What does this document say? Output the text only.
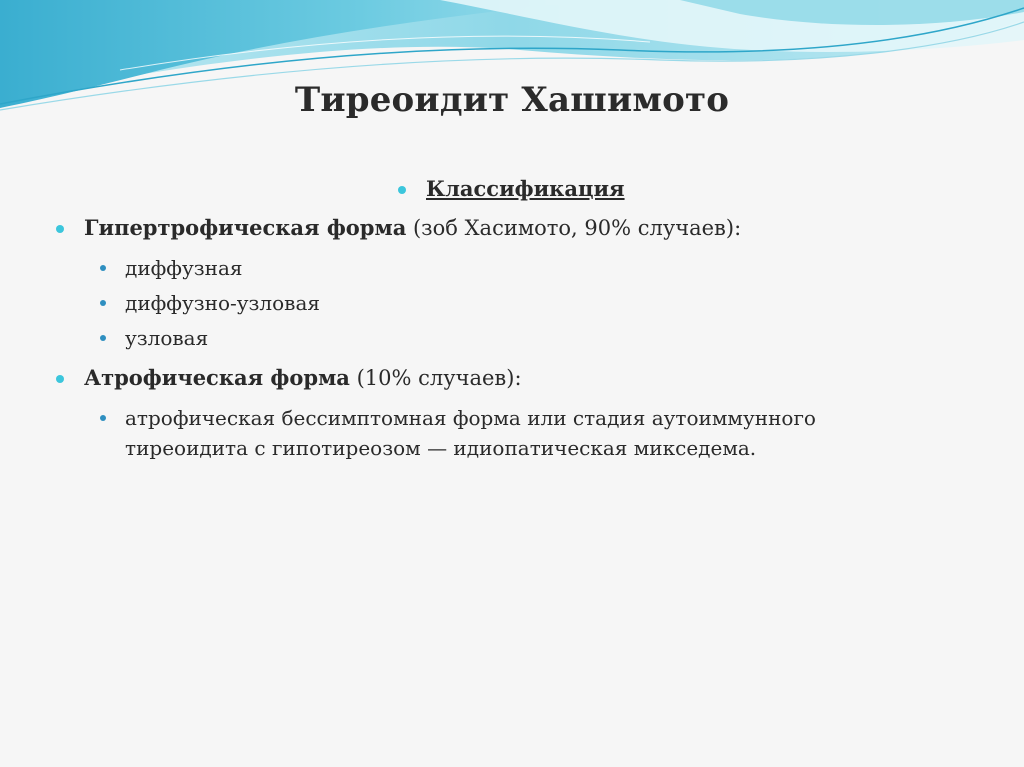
Тиреоидит Хашимото
Классификация
Гипертрофическая форма (зоб Хасимото, 90% случаев):
диффузная
диффузно-узловая
узловая
Атрофическая форма (10% случаев):
атрофическая бессимптомная форма или стадия аутоиммунного
тиреоидита с гипотиреозом — идиопатическая микседема.
